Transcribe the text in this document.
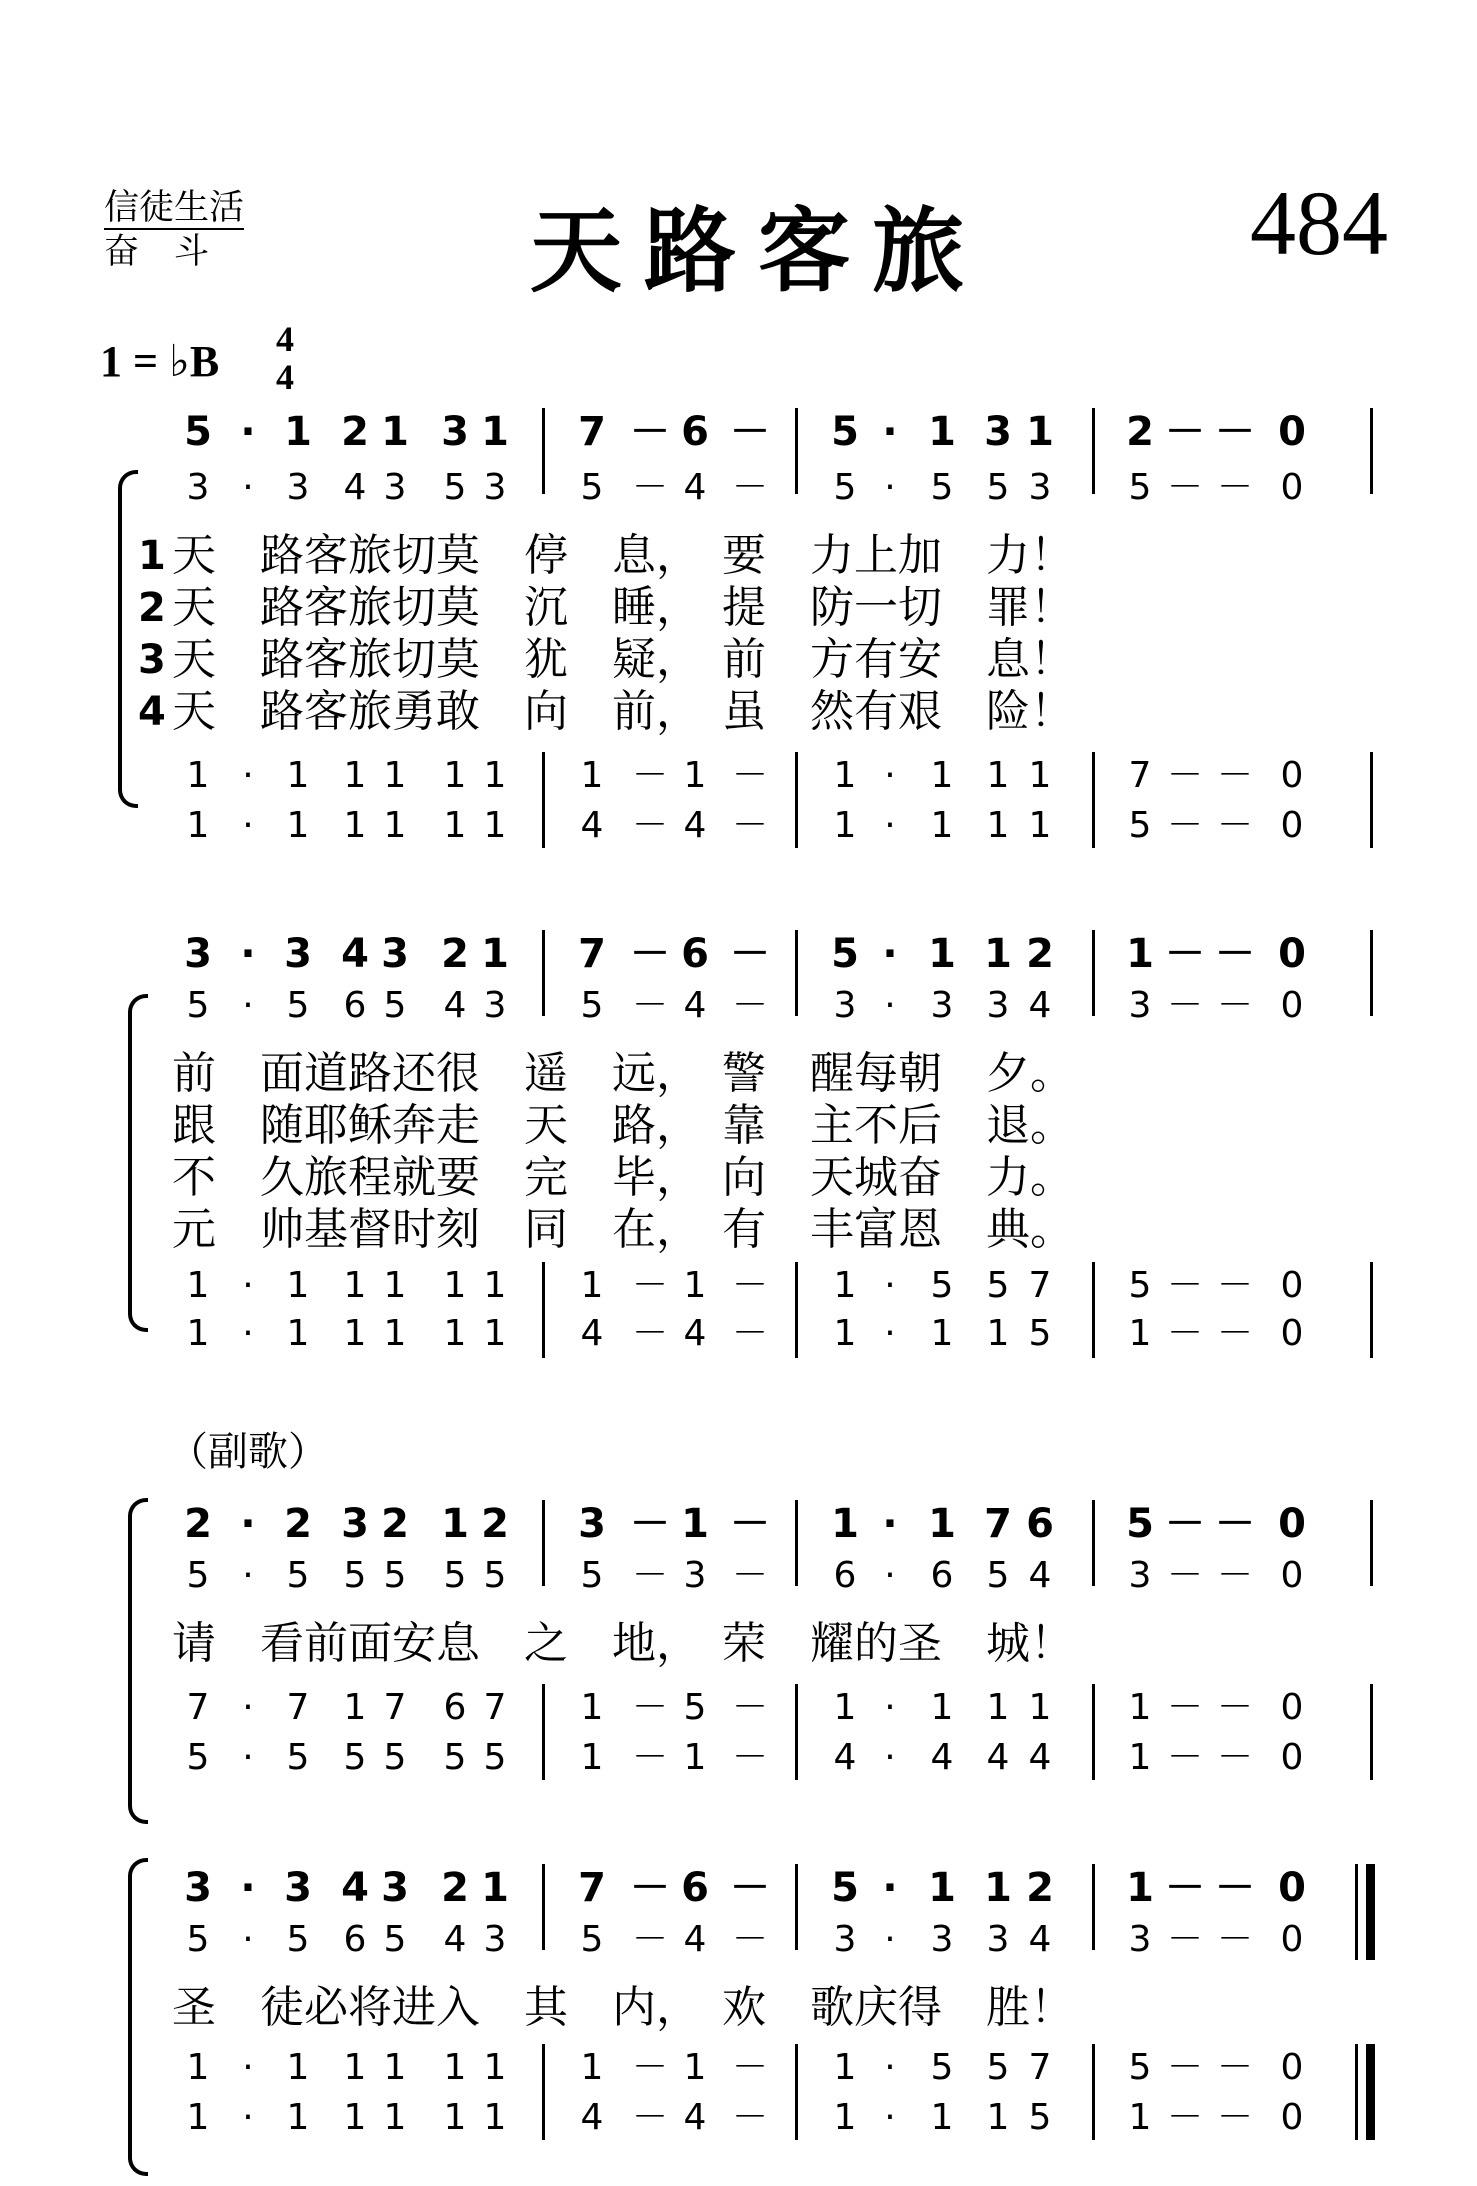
信徒生活
奋　斗	天路客旅	484
1 = ♭B 4
4
（副歌）
5 · 1 2 1 3 1 7 － 6 － 5 · 1 3 1 2 － － 0
3 · 3 4 3 5 3 5 － 4 － 5 · 5 5 3 5 － － 0
1 天　路客旅切莫　停　息，　要　力上加　力！
2 天　路客旅切莫　沉　睡，　提　防一切　罪！
3 天　路客旅切莫　犹　疑，　前　方有安　息！
4 天　路客旅勇敢　向　前，　虽　然有艰　险！
1 · 1 1 1 1 1 1 － 1 － 1 · 1 1 1 7 － － 0
1 · 1 1 1 1 1 4 － 4 － 1 · 1 1 1 5 － － 0
3 · 3 4 3 2 1 7 － 6 － 5 · 1 1 2 1 － － 0
5 · 5 6 5 4 3 5 － 4 － 3 · 3 3 4 3 － － 0
前　面道路还很　遥　远，　警　醒每朝　夕。
跟　随耶稣奔走　天　路，　靠　主不后　退。
不　久旅程就要　完　毕，　向　天城奋　力。
元　帅基督时刻　同　在，　有　丰富恩　典。
1 · 1 1 1 1 1 1 － 1 － 1 · 5 5 7 5 － － 0
1 · 1 1 1 1 1 4 － 4 － 1 · 1 1 5 1 － － 0
2 · 2 3 2 1 2 3 － 1 － 1 · 1 7 6 5 － － 0
5 · 5 5 5 5 5 5 － 3 － 6 · 6 5 4 3 － － 0
请　看前面安息　之　地，　荣　耀的圣　城！
7 · 7 1 7 6 7 1 － 5 － 1 · 1 1 1 1 － － 0
5 · 5 5 5 5 5 1 － 1 － 4 · 4 4 4 1 － － 0
3 · 3 4 3 2 1 7 － 6 － 5 · 1 1 2 1 － － 0
5 · 5 6 5 4 3 5 － 4 － 3 · 3 3 4 3 － － 0
圣　徒必将进入　其　内，　欢　歌庆得　胜！
1 · 1 1 1 1 1 1 － 1 － 1 · 5 5 7 5 － － 0
1 · 1 1 1 1 1 4 － 4 － 1 · 1 1 5 1 － － 0
